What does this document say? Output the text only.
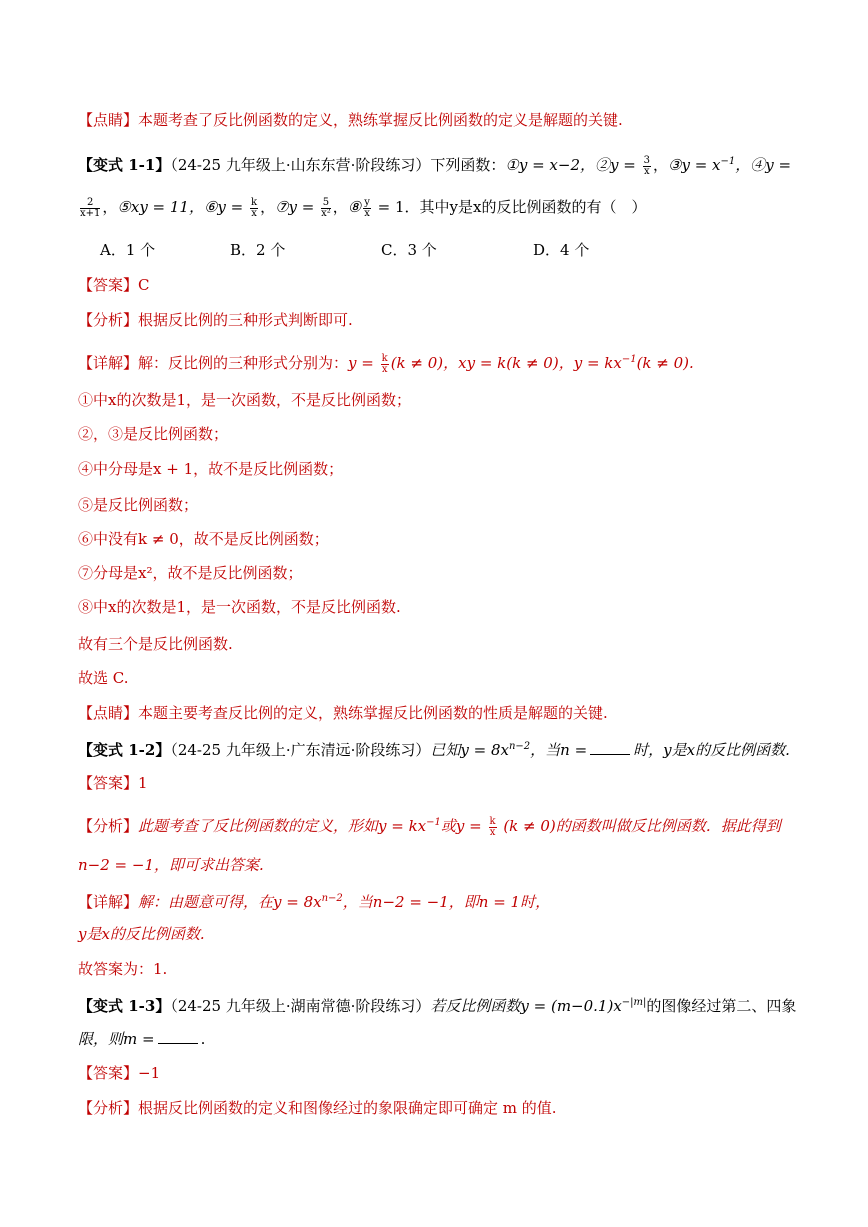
【点睛】本题考查了反比例函数的定义，熟练掌握反比例函数的定义是解题的关键.
【变式 1-1】（24-25 九年级上·山东东营·阶段练习）下列函数：①y = x−2，②y = $\frac{3}{x}$ ，③y = $x^{-1}$，④y =
$\frac{2}{x+1}$ ，⑤xy = 11，⑥y = $\frac{k}{x}$ ，⑦y = $\frac{5}{\text{x²}}$ ，⑧ $\frac{y}{x} = 1$．其中y是x的反比例函数的有（　）
A．1 个	B．2 个	C．3 个	D．4 个
【答案】C
【分析】根据反比例的三种形式判断即可.
【详解】解：反比例的三种形式分别为：$y = \frac{k}{x} (k \ne 0)$，xy = k(k ≠ 0)，$y = kx^{-1}(k \ne 0)$.
①中x的次数是1，是一次函数，不是反比例函数；
②，③是反比例函数；
④中分母是x + 1，故不是反比例函数；
⑤是反比例函数；
⑥中没有k ≠ 0，故不是反比例函数；
⑦分母是x²，故不是反比例函数；
⑧中x的次数是1，是一次函数，不是反比例函数.
故有三个是反比例函数.
故选 C.
【点睛】本题主要考查反比例的定义，熟练掌握反比例函数的性质是解题的关键.
【变式 1-2】（24-25 九年级上·广东清远·阶段练习）已知$y = 8x^{n-2}$，当n =	时，y是x的反比例函数.
【答案】1
【分析】此题考查了反比例函数的定义，形如$y = kx^{-1}$或$y = \frac{k}{x} (k \ne 0)$的函数叫做反比例函数．据此得到
n−2 = −1，即可求出答案.
【详解】解：由题意可得，在$y = 8x^{n-2}$，当n−2 = −1，即n = 1时，
y是x的反比例函数.
故答案为：1.
【变式 1-3】（24-25 九年级上·湖南常德·阶段练习）若反比例函数$y = (m-0.1)x^{-|m|}$的图像经过第二、四象
限，则m =	.
【答案】−1
【分析】根据反比例函数的定义和图像经过的象限确定即可确定 m 的值.
